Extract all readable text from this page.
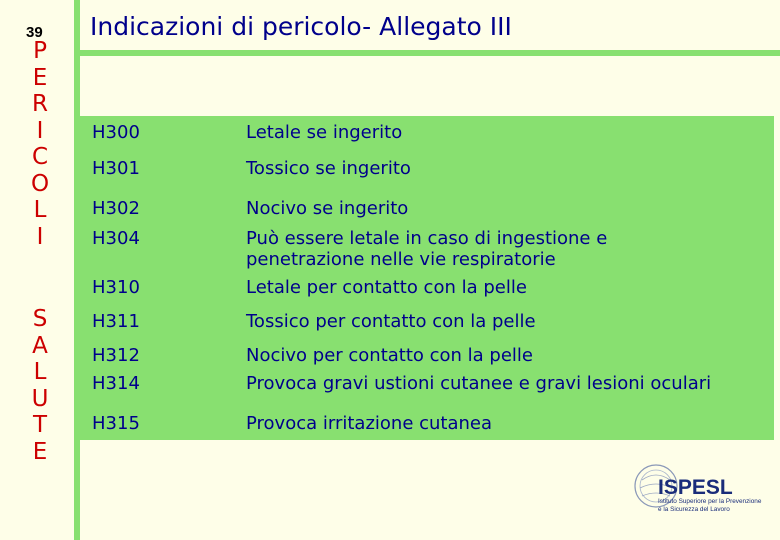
39
P
E
R
I
C
O
L
I
S
A
L
U
T
E
Indicazioni di pericolo- Allegato III
H300	Letale se ingerito
H301	Tossico se ingerito
H302	Nocivo se ingerito
H304	Può essere letale in caso di ingestione e
penetrazione nelle vie respiratorie
H310	Letale per contatto con la pelle
H311	Tossico per contatto con la pelle
H312	Nocivo per contatto con la pelle
H314	Provoca gravi ustioni cutanee e gravi lesioni oculari
H315	Provoca irritazione cutanea
ISPESL
Istituto Superiore per la Prevenzione
e la Sicurezza del Lavoro
